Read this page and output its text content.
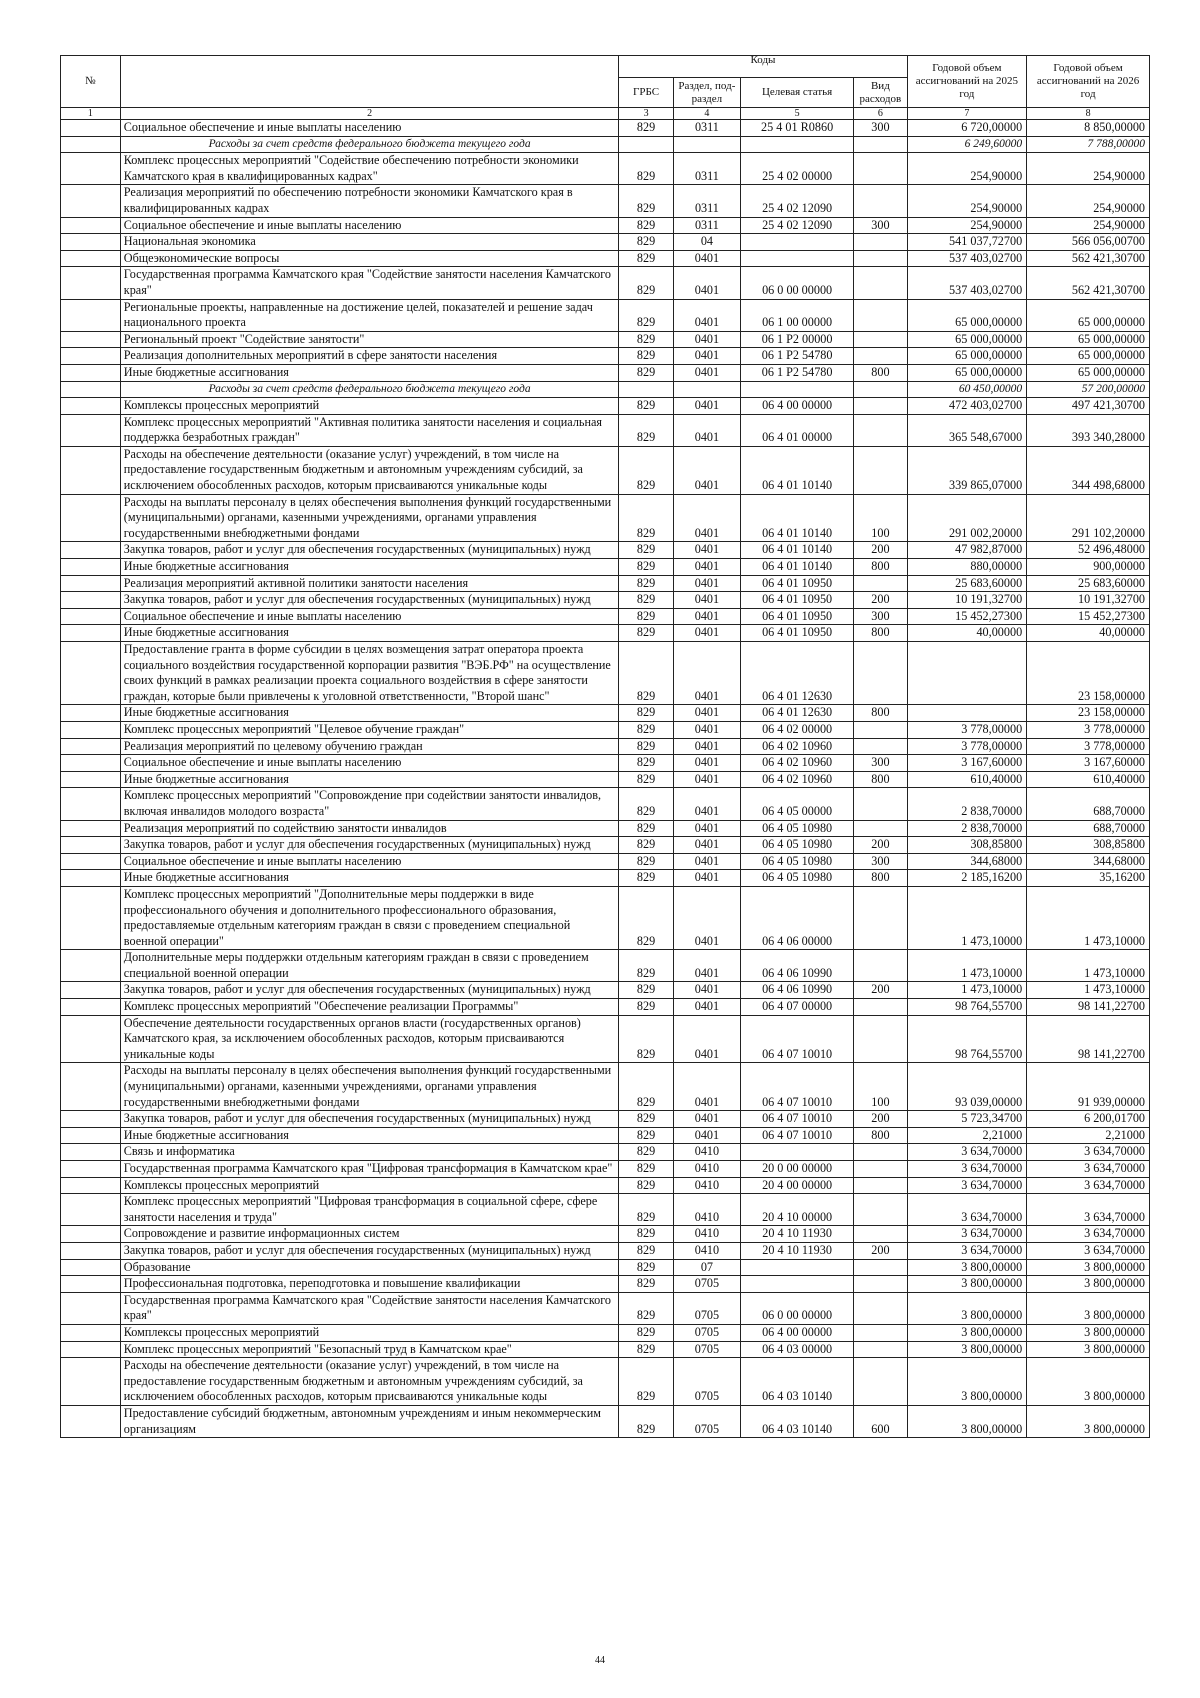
№		Коды				Годовой объем ассигнований на 2025 год	Годовой объем ассигнований на 2026 год
		ГРБС	Раздел, под-раздел	Целевая статья	Вид расходов		
1	2	3	4	5	6	7	8
	Социальное обеспечение и иные выплаты населению	829	0311	25 4 01 R0860	300	6 720,00000	8 850,00000
	Расходы за счет средств федерального бюджета текущего года					6 249,60000	7 788,00000
	Комплекс процессных мероприятий "Содействие обеспечению потребности экономики Камчатского края в квалифицированных кадрах"	829	0311	25 4 02 00000		254,90000	254,90000
	Реализация мероприятий по обеспечению потребности экономики Камчатского края в квалифицированных кадрах	829	0311	25 4 02 12090		254,90000	254,90000
	Социальное обеспечение и иные выплаты населению	829	0311	25 4 02 12090	300	254,90000	254,90000
	Национальная экономика	829	04			541 037,72700	566 056,00700
	Общеэкономические вопросы	829	0401			537 403,02700	562 421,30700
	Государственная программа Камчатского края "Содействие занятости населения Камчатского края"	829	0401	06 0 00 00000		537 403,02700	562 421,30700
	Региональные проекты, направленные на достижение целей, показателей и решение задач национального проекта	829	0401	06 1 00 00000		65 000,00000	65 000,00000
	Региональный проект "Содействие занятости"	829	0401	06 1 P2 00000		65 000,00000	65 000,00000
	Реализация дополнительных мероприятий в сфере занятости населения	829	0401	06 1 P2 54780		65 000,00000	65 000,00000
	Иные бюджетные ассигнования	829	0401	06 1 P2 54780	800	65 000,00000	65 000,00000
	Расходы за счет средств федерального бюджета текущего года					60 450,00000	57 200,00000
	Комплексы процессных мероприятий	829	0401	06 4 00 00000		472 403,02700	497 421,30700
	Комплекс процессных мероприятий "Активная политика занятости населения и социальная поддержка безработных граждан"	829	0401	06 4 01 00000		365 548,67000	393 340,28000
	Расходы на обеспечение деятельности (оказание услуг) учреждений, в том числе на предоставление государственным бюджетным и автономным учреждениям субсидий, за исключением обособленных расходов, которым присваиваются уникальные коды	829	0401	06 4 01 10140		339 865,07000	344 498,68000
	Расходы на выплаты персоналу в целях обеспечения выполнения функций государственными (муниципальными) органами, казенными учреждениями, органами управления государственными внебюджетными фондами	829	0401	06 4 01 10140	100	291 002,20000	291 102,20000
	Закупка товаров, работ и услуг для обеспечения государственных (муниципальных) нужд	829	0401	06 4 01 10140	200	47 982,87000	52 496,48000
	Иные бюджетные ассигнования	829	0401	06 4 01 10140	800	880,00000	900,00000
	Реализация мероприятий активной политики занятости населения	829	0401	06 4 01 10950		25 683,60000	25 683,60000
	Закупка товаров, работ и услуг для обеспечения государственных (муниципальных) нужд	829	0401	06 4 01 10950	200	10 191,32700	10 191,32700
	Социальное обеспечение и иные выплаты населению	829	0401	06 4 01 10950	300	15 452,27300	15 452,27300
	Иные бюджетные ассигнования	829	0401	06 4 01 10950	800	40,00000	40,00000
	Предоставление гранта в форме субсидии в целях возмещения затрат оператора проекта социального воздействия государственной корпорации развития "ВЭБ.РФ" на осуществление своих функций в рамках реализации проекта социального воздействия в сфере занятости граждан, которые были привлечены к уголовной ответственности, "Второй шанс"	829	0401	06 4 01 12630			23 158,00000
	Иные бюджетные ассигнования	829	0401	06 4 01 12630	800		23 158,00000
	Комплекс процессных мероприятий "Целевое обучение граждан"	829	0401	06 4 02 00000		3 778,00000	3 778,00000
	Реализация мероприятий по целевому обучению граждан	829	0401	06 4 02 10960		3 778,00000	3 778,00000
	Социальное обеспечение и иные выплаты населению	829	0401	06 4 02 10960	300	3 167,60000	3 167,60000
	Иные бюджетные ассигнования	829	0401	06 4 02 10960	800	610,40000	610,40000
	Комплекс процессных мероприятий "Сопровождение при содействии занятости инвалидов, включая инвалидов молодого возраста"	829	0401	06 4 05 00000		2 838,70000	688,70000
	Реализация мероприятий по содействию занятости инвалидов	829	0401	06 4 05 10980		2 838,70000	688,70000
	Закупка товаров, работ и услуг для обеспечения государственных (муниципальных) нужд	829	0401	06 4 05 10980	200	308,85800	308,85800
	Социальное обеспечение и иные выплаты населению	829	0401	06 4 05 10980	300	344,68000	344,68000
	Иные бюджетные ассигнования	829	0401	06 4 05 10980	800	2 185,16200	35,16200
	Комплекс процессных мероприятий "Дополнительные меры поддержки в виде профессионального обучения и дополнительного профессионального образования, предоставляемые отдельным категориям граждан в связи с проведением специальной военной операции"	829	0401	06 4 06 00000		1 473,10000	1 473,10000
	Дополнительные меры поддержки отдельным категориям граждан в связи с проведением специальной военной операции	829	0401	06 4 06 10990		1 473,10000	1 473,10000
	Закупка товаров, работ и услуг для обеспечения государственных (муниципальных) нужд	829	0401	06 4 06 10990	200	1 473,10000	1 473,10000
	Комплекс процессных мероприятий "Обеспечение реализации Программы"	829	0401	06 4 07 00000		98 764,55700	98 141,22700
	Обеспечение деятельности государственных органов власти (государственных органов) Камчатского края, за исключением обособленных расходов, которым присваиваются уникальные коды	829	0401	06 4 07 10010		98 764,55700	98 141,22700
	Расходы на выплаты персоналу в целях обеспечения выполнения функций государственными (муниципальными) органами, казенными учреждениями, органами управления государственными внебюджетными фондами	829	0401	06 4 07 10010	100	93 039,00000	91 939,00000
	Закупка товаров, работ и услуг для обеспечения государственных (муниципальных) нужд	829	0401	06 4 07 10010	200	5 723,34700	6 200,01700
	Иные бюджетные ассигнования	829	0401	06 4 07 10010	800	2,21000	2,21000
	Связь и информатика	829	0410			3 634,70000	3 634,70000
	Государственная программа Камчатского края "Цифровая трансформация в Камчатском крае"	829	0410	20 0 00 00000		3 634,70000	3 634,70000
	Комплексы процессных мероприятий	829	0410	20 4 00 00000		3 634,70000	3 634,70000
	Комплекс процессных мероприятий "Цифровая трансформация в социальной сфере, сфере занятости населения и труда"	829	0410	20 4 10 00000		3 634,70000	3 634,70000
	Сопровождение и развитие информационных систем	829	0410	20 4 10 11930		3 634,70000	3 634,70000
	Закупка товаров, работ и услуг для обеспечения государственных (муниципальных) нужд	829	0410	20 4 10 11930	200	3 634,70000	3 634,70000
	Образование	829	07			3 800,00000	3 800,00000
	Профессиональная подготовка, переподготовка и повышение квалификации	829	0705			3 800,00000	3 800,00000
	Государственная программа Камчатского края "Содействие занятости населения Камчатского края"	829	0705	06 0 00 00000		3 800,00000	3 800,00000
	Комплексы процессных мероприятий	829	0705	06 4 00 00000		3 800,00000	3 800,00000
	Комплекс процессных мероприятий "Безопасный труд в Камчатском крае"	829	0705	06 4 03 00000		3 800,00000	3 800,00000
	Расходы на обеспечение деятельности (оказание услуг) учреждений, в том числе на предоставление государственным бюджетным и автономным учреждениям субсидий, за исключением обособленных расходов, которым присваиваются уникальные коды	829	0705	06 4 03 10140		3 800,00000	3 800,00000
	Предоставление субсидий бюджетным, автономным учреждениям и иным некоммерческим организациям	829	0705	06 4 03 10140	600	3 800,00000	3 800,00000
44
